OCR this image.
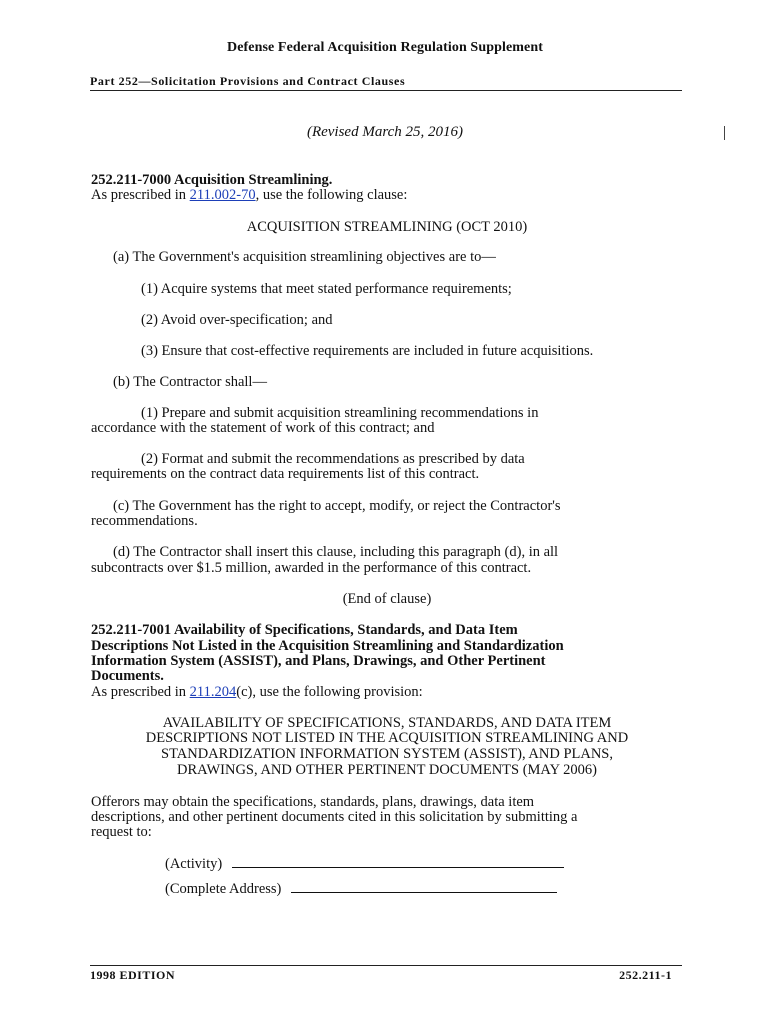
Defense Federal Acquisition Regulation Supplement
Part 252—Solicitation Provisions and Contract Clauses
(Revised March 25, 2016)
252.211-7000 Acquisition Streamlining.
As prescribed in 211.002-70, use the following clause:
ACQUISITION STREAMLINING (OCT 2010)
(a) The Government's acquisition streamlining objectives are to—
(1) Acquire systems that meet stated performance requirements;
(2) Avoid over-specification; and
(3) Ensure that cost-effective requirements are included in future acquisitions.
(b) The Contractor shall—
(1) Prepare and submit acquisition streamlining recommendations in
accordance with the statement of work of this contract; and
(2) Format and submit the recommendations as prescribed by data
requirements on the contract data requirements list of this contract.
(c) The Government has the right to accept, modify, or reject the Contractor's
recommendations.
(d) The Contractor shall insert this clause, including this paragraph (d), in all
subcontracts over $1.5 million, awarded in the performance of this contract.
(End of clause)
252.211-7001 Availability of Specifications, Standards, and Data Item
Descriptions Not Listed in the Acquisition Streamlining and Standardization
Information System (ASSIST), and Plans, Drawings, and Other Pertinent
Documents.
As prescribed in 211.204(c), use the following provision:
AVAILABILITY OF SPECIFICATIONS, STANDARDS, AND DATA ITEM
DESCRIPTIONS NOT LISTED IN THE ACQUISITION STREAMLINING AND
STANDARDIZATION INFORMATION SYSTEM (ASSIST), AND PLANS,
DRAWINGS, AND OTHER PERTINENT DOCUMENTS (MAY 2006)
Offerors may obtain the specifications, standards, plans, drawings, data item
descriptions, and other pertinent documents cited in this solicitation by submitting a
request to:
(Activity)
(Complete Address)
1998 EDITION	252.211-1
